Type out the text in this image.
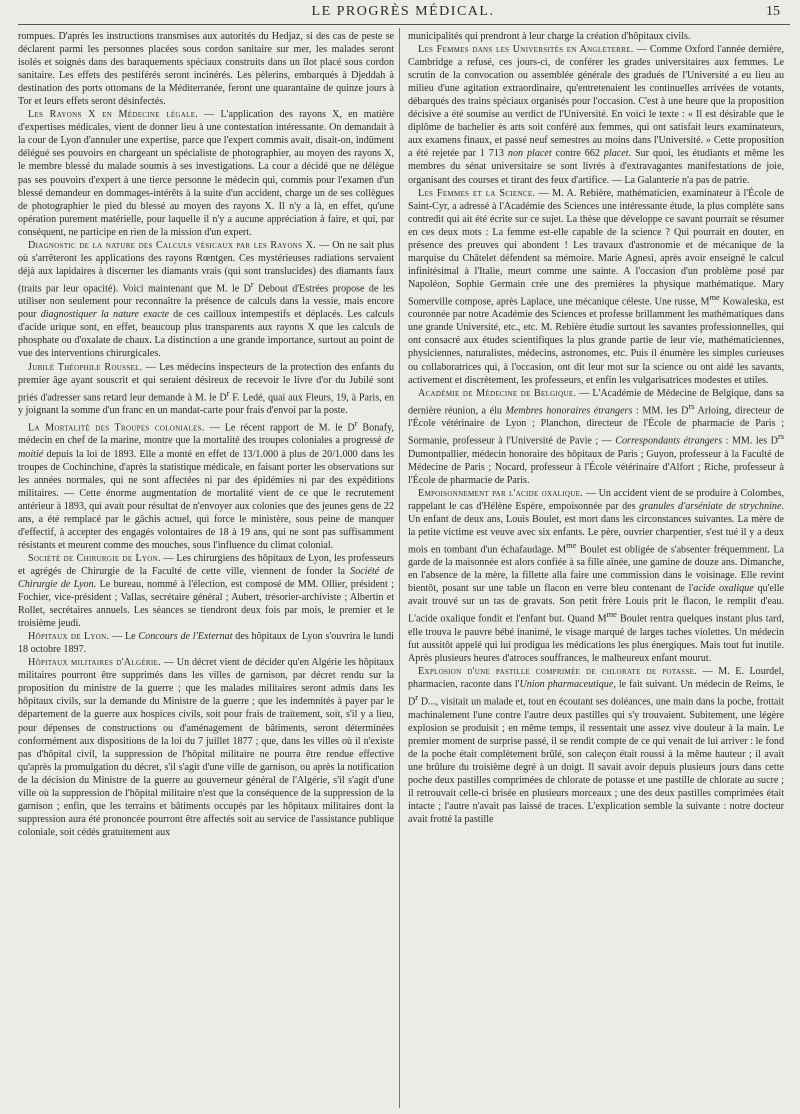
LE PROGRÈS MÉDICAL.	15

rompues. D'après les instructions transmises aux autorités du Hedjaz, si des cas de peste se déclarent parmi les personnes placées sous cordon sanitaire sur mer, les malades seront isolés et soignés dans des baraquements spéciaux construits dans un îlot placé sous cordon sanitaire. Les effets des pestiférés seront incinérés. Les pèlerins, embarqués à Djeddah à destination des ports ottomans de la Méditerranée, feront une quarantaine de quinze jours à Tor et leurs effets seront désinfectés.

Les Rayons X en Médecine légale. — L'application des rayons X, en matière d'expertises médicales, vient de donner lieu à une contestation intéressante. On demandait à la cour de Lyon d'annuler une expertise, parce que l'expert commis avait, disait-on, indûment délégué ses pouvoirs en chargeant un spécialiste de photographier, au moyen des rayons X, le membre blessé du malade soumis à ses investigations. La cour a décidé que ne délègue pas ses pouvoirs d'expert à une tierce personne le médecin qui, commis pour l'examen d'un blessé demandeur en dommages-intérêts à la suite d'un accident, charge un de ses collègues de photographier le pied du blessé au moyen des rayons X. Il n'y a là, en effet, qu'une opération purement matérielle, pour laquelle il n'y a aucune appréciation à faire, et qui, par conséquent, ne participe en rien de la mission d'un expert.

Diagnostic de la nature des Calculs vésicaux par les Rayons X. — On ne sait plus où s'arrêteront les applications des rayons Rœntgen. Ces mystérieuses radiations servaient déjà aux lapidaires à discerner les diamants vrais (qui sont translucides) des diamants faux (traits par leur opacité). Voici maintenant que M. le $D^r$ Debout d'Estrées propose de les utiliser non seulement pour reconnaître la présence de calculs dans la vessie, mais encore pour diagnostiquer la nature exacte de ces cailloux intempestifs et déplacés. Les calculs d'acide urique sont, en effet, beaucoup plus transparents aux rayons X que les calculs de phosphate ou d'oxalate de chaux. La distinction a une grande importance, surtout au point de vue des interventions chirurgicales.

Jubilé Théophile Roussel. — Les médecins inspecteurs de la protection des enfants du premier âge ayant souscrit et qui seraient désireux de recevoir le livre d'or du Jubilé sont priés d'adresser sans retard leur demande à M. le $D^r$ F. Ledé, quai aux Fleurs, 19, à Paris, en y joignant la somme d'un franc en un mandat-carte pour frais d'envoi par la poste.

La Mortalité des Troupes coloniales. — Le récent rapport de M. le $D^r$ Bonafy, médecin en chef de la marine, montre que la mortalité des troupes coloniales a progressé de moitié depuis la loi de 1893. Elle a monté en effet de 13/1.000 à plus de 20/1.000 dans les troupes de Cochinchine, d'après la statistique médicale, en faisant porter les observations sur les années normales, qui ne sont affectées ni par des épidémies ni par des expéditions militaires. — Cette énorme augmentation de mortalité vient de ce que le recrutement antérieur à 1893, qui avait pour résultat de n'envoyer aux colonies que des jeunes gens de 22 ans, a été remplacé par le gâchis actuel, qui force le ministère, sous peine de manquer d'effectif, à accepter des engagés volontaires de 18 à 19 ans, qui ne sont pas suffisamment résistants et meurent comme des mouches, sous l'influence du climat colonial.

Société de Chirurgie de Lyon. — Les chirurgiens des hôpitaux de Lyon, les professeurs et agrégés de Chirurgie de la Faculté de cette ville, viennent de fonder la Société de Chirurgie de Lyon. Le bureau, nommé à l'élection, est composé de MM. Ollier, président ; Fochier, vice-président ; Vallas, secrétaire général ; Aubert, trésorier-archiviste ; Albertin et Rollet, secrétaires annuels. Les séances se tiendront deux fois par mois, le premier et le troisième jeudi.

Hôpitaux de Lyon. — Le Concours de l'Externat des hôpitaux de Lyon s'ouvrira le lundi 18 octobre 1897.

Hôpitaux militaires d'Algérie. — Un décret vient de décider qu'en Algérie les hôpitaux militaires pourront être supprimés dans les villes de garnison, par décret rendu sur la proposition du ministre de la guerre ; que les malades militaires seront admis dans les hôpitaux civils, sur la demande du Ministre de la guerre ; que les indemnités à payer par le département de la guerre aux hospices civils, soit pour frais de traitement, soit, s'il y a lieu, pour dépenses de constructions ou d'aménagement de bâtiments, seront déterminées conformément aux dispositions de la loi du 7 juillet 1877 ; que, dans les villes où il n'existe pas d'hôpital civil, la suppression de l'hôpital militaire ne pourra être rendue effective qu'après la promulgation du décret, s'il s'agit d'une ville de garnison, ou après la notification de la décision du Ministre de la guerre au gouverneur général de l'Algérie, s'il s'agit d'une ville où la suppression de l'hôpital militaire n'est que la conséquence de la suppression de la garnison ; enfin, que les terrains et bâtiments occupés par les hôpitaux militaires dont la suppression aura été prononcée pourront être affectés soit au service de l'assistance publique coloniale, soit cédés gratuitement aux

municipalités qui prendront à leur charge la création d'hôpitaux civils.

Les Femmes dans les Universités en Angleterre. — Comme Oxford l'année dernière, Cambridge a refusé, ces jours-ci, de conférer les grades universitaires aux femmes. Le scrutin de la convocation ou assemblée générale des gradués de l'Université a eu lieu au milieu d'une agitation extraordinaire, qu'entretenaient les continuelles arrivées de votants, débarqués des trains spéciaux organisés pour l'occasion. C'est à une heure que la proposition décisive a été soumise au verdict de l'Université. En voici le texte : « Il est désirable que le diplôme de bachelier ès arts soit conféré aux femmes, qui ont satisfait leurs examinateurs, aux examens finaux, et passé neuf semestres au moins dans l'Université. » Cette proposition a été rejetée par 1 713 non placet contre 662 placet. Sur quoi, les étudiants et même les membres du sénat universitaire se sont livrés à d'extravagantes manifestations de joie, organisant des courses et tirant des feux d'artifice. — La Galanterie n'a pas de patrie.

Les Femmes et la Science. — M. A. Rebière, mathématicien, examinateur à l'École de Saint-Cyr, a adressé à l'Académie des Sciences une intéressante étude, la plus complète sans contredit qui ait été écrite sur ce sujet. La thèse que développe ce savant pourrait se résumer en ces deux mots : La femme est-elle capable de la science ? Qui pourrait en douter, en présence des preuves qui abondent ! Les travaux d'astronomie et de mécanique de la marquise du Châtelet défendent sa mémoire. Marie Agnesi, après avoir enseigné le calcul infinitésimal à l'Italie, meurt comme une sainte. A l'occasion d'un problème posé par Napoléon, Sophie Germain crée une des premières la physique mathématique. Mary Somerville compose, après Laplace, une mécanique céleste. Une russe, $M^{me}$ Kowaleska, est couronnée par notre Académie des Sciences et professe brillamment les mathématiques dans une grande Université, etc., etc. M. Rebière étudie surtout les savantes professionnelles, qui ont consacré aux études scientifiques la plus grande partie de leur vie, mathématiciennes, physiciennes, naturalistes, médecins, astronomes, etc. Puis il énumère les simples curieuses ou collaboratrices qui, à l'occasion, ont dit leur mot sur la science ou ont aidé les savants, activement et discrètement, les professeurs, et enfin les vulgarisatrices modestes et utiles.

Académie de Médecine de Belgique. — L'Académie de Médecine de Belgique, dans sa dernière réunion, a élu Membres honoraires étrangers : MM. les $D^{rs}$ Arloing, directeur de l'École vétérinaire de Lyon ; Planchon, directeur de l'École de pharmacie de Paris ; Sormanie, professeur à l'Université de Pavie ; — Correspondants étrangers : MM. les $D^{rs}$ Dumontpallier, médecin honoraire des hôpitaux de Paris ; Guyon, professeur à la Faculté de Médecine de Paris ; Nocard, professeur à l'École vétérinaire d'Alfort ; Riche, professeur à l'École de pharmacie de Paris.

Empoisonnement par l'acide oxalique. — Un accident vient de se produire à Colombes, rappelant le cas d'Hélène Espère, empoisonnée par des granules d'arséniate de strychnine. Un enfant de deux ans, Louis Boulet, est mort dans les circonstances suivantes. La mère de la petite victime est veuve avec six enfants. Le père, ouvrier charpentier, s'est tué il y a deux mois en tombant d'un échafaudage. $M^{me}$ Boulet est obligée de s'absenter fréquemment. La garde de la maisonnée est alors confiée à sa fille aînée, une gamine de douze ans. Dimanche, en l'absence de la mère, la fillette alla faire une commission dans le voisinage. Elle revint bientôt, posant sur une table un flacon en verre bleu contenant de l'acide oxalique qu'elle avait trouvé sur un tas de gravats. Son petit frère Louis prit le flacon, le remplit d'eau. L'acide oxalique fondit et l'enfant but. Quand $M^{me}$ Boulet rentra quelques instant plus tard, elle trouva le pauvre bébé inanimé, le visage marqué de larges taches violettes. Un médecin fut aussitôt appelé qui lui prodigua les médications les plus énergiques. Mais tout fut inutile. Après plusieurs heures d'atroces souffrances, le malheureux enfant mourut.

Explosion d'une pastille comprimée de chlorate de potasse. — M. E. Lourdel, pharmacien, raconte dans l'Union pharmaceutique, le fait suivant. Un médecin de Reims, le $D^r$ D..., visitait un malade et, tout en écoutant ses doléances, une main dans la poche, frottait machinalement l'une contre l'autre deux pastilles qui s'y trouvaient. Subitement, une légère explosion se produisit ; en même temps, il ressentait une assez vive douleur à la main. Le premier moment de surprise passé, il se rendit compte de ce qui venait de lui arriver : le fond de la poche était complètement brûlé, son caleçon était roussi à la même hauteur ; il avait une brûlure du troisième degré à un doigt. Il savait avoir depuis plusieurs jours dans cette poche deux pastilles comprimées de chlorate de potasse et une pastille de chlorate au sucre ; il retrouvait celle-ci brisée en plusieurs morceaux ; une des deux pastilles comprimées était intacte ; l'autre n'avait pas laissé de traces. L'explication semble la suivante : notre docteur avait frotté la pastille
